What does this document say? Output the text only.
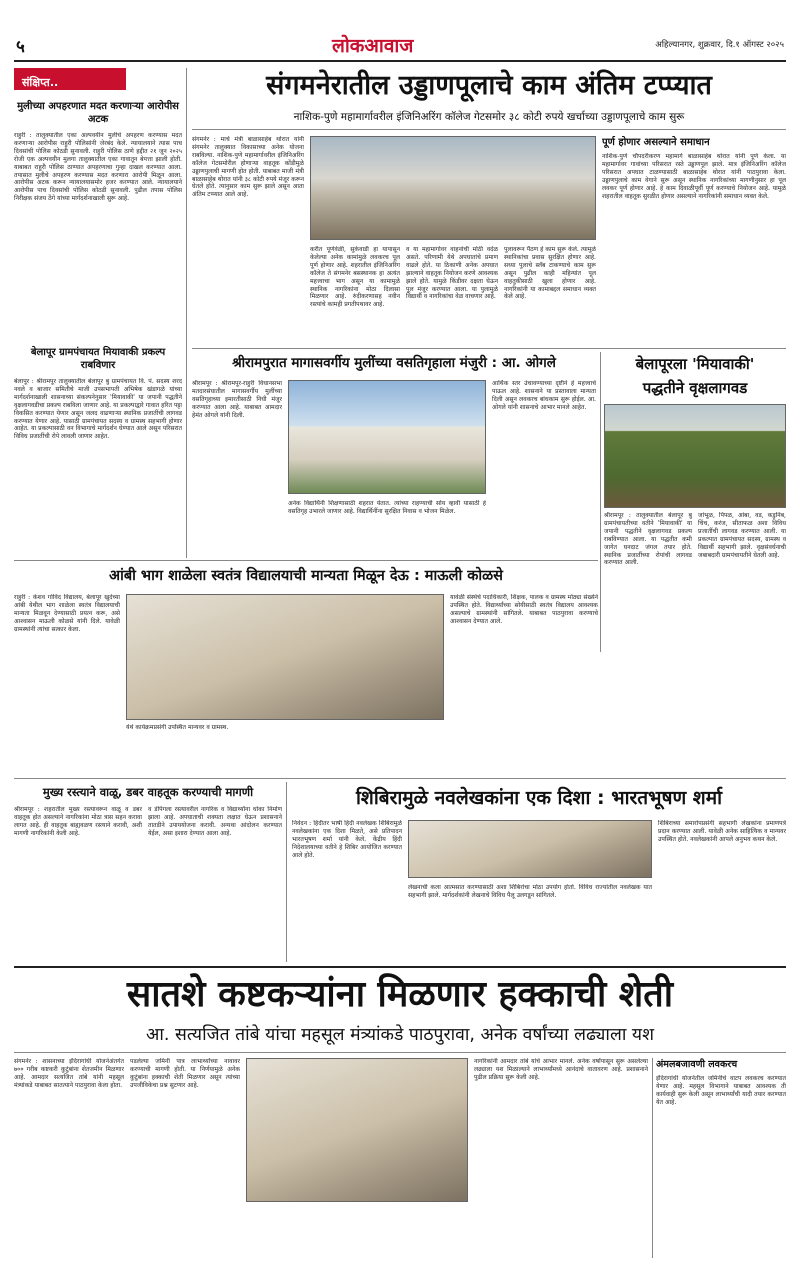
५	लोकआवाज	अहिल्यानगर, शुक्रवार, दि.१ ऑगस्ट २०२५
संक्षिप्त..
मुलीच्या अपहरणात मदत करणाऱ्या आरोपीस अटक
राहुरी : तालुक्यातील एका अल्पवयीन मुलीचे अपहरण करण्यास मदत करणाऱ्या आरोपीस राहुरी पोलिसांनी जेरबंद केले. न्यायालयाने त्यास पाच दिवसांची पोलिस कोठडी सुनावली. राहुरी पोलिस ठाणे हद्दीत २१ जून २०२५ रोजी एक अल्पवयीन मुलगा तालुक्यातील एका गावातून बेपत्ता झाली होती. याबाबत राहुरी पोलिस ठाण्यात अपहरणाचा गुन्हा दाखल करण्यात आला. तपासात मुलीचे अपहरण करण्यास मदत करणारा आरोपी मिळून आला. आरोपीस अटक करून न्यायालयासमोर हजर करण्यात आले. न्यायालयाने आरोपीस पाच दिवसांची पोलिस कोठडी सुनावली. पुढील तपास पोलिस निरीक्षक संजय ठेंगे यांच्या मार्गदर्शनाखाली सुरू आहे.
बेलापूर ग्रामपंचायत मियावाकी प्रकल्प राबविणार
बेलापूर : श्रीरामपूर तालुक्यातील बेलापूर बु ग्रामपंचायत वि. पं. सदस्य शरद नवले व बाजार समितीचे माजी उपसभापती अभिषेक खंडागळे यांच्या मार्गदर्शनाखाली शासनाच्या संकल्पनेनुसार 'मियावाकी' या जपानी पद्धतीने वृक्षलागवडीचा प्रकल्प राबविला जाणार आहे. या प्रकल्पाद्वारे गावात हरित पट्टा विकसित करण्यात येणार असून जलद वाढणाऱ्या स्थानिक प्रजातींची लागवड करण्यात येणार आहे. यासाठी ग्रामपंचायत सदस्य व ग्रामस्थ सहभागी होणार आहेत. या प्रकल्पासाठी वन विभागाचे मार्गदर्शन घेण्यात आले असून परिसरात विविध प्रजातींची रोपे लावली जाणार आहेत.
संगमनेरातील उड्डाणपूलाचे काम अंतिम टप्प्यात
नाशिक-पुणे महामार्गावरील इंजिनिअरिंग कॉलेज गेटसमोर ३८ कोटी रुपये खर्चाच्या उड्डाणपूलाचे काम सुरू
संगमनेर : मार्च मंत्री बाळासाहेब थोरात यांनी संगमनेर तालुक्यात विकासाच्या अनेक योजना राबविल्या. नाशिक-पुणे महामार्गावरील इंजिनिअरिंग कॉलेज गेटसमोरील होणाऱ्या वाहतूक कोंडीमुळे उड्डाणपुलाची मागणी होत होती. याबाबत माजी मंत्री बाळासाहेब थोरात यांनी ३८ कोटी रुपये मंजूर करून घेतले होते. त्यानुसार काम सुरू झाले असून आता अंतिम टप्प्यात आले आहे.
करीत पूर्णवेळी, सुकेवाडी हा यापासून केलेल्या अनेक कामांमुळे लवकरच पूल पूर्ण होणार आहे. शहरातील इंजिनिअरिंग कॉलेज ते संगमनेर बसस्थानक हा अत्यंत महत्त्वाचा भाग असून या कामामुळे स्थानिक नागरिकांना मोठा दिलासा मिळणार आहे. रुंदीकरणासह नवीन रस्त्यांचे कामही प्रगतीपथावर आहे.
व या महामार्गावर वाहनांची मोठी वर्दळ असते. परिणामी येथे अपघातांचे प्रमाण वाढले होते. या ठिकाणी अनेक अपघात झाल्याने वाहतूक नियोजन करणे आवश्यक झाले होते. यामुळे किंडीवर दक्षता घेऊन पूल मंजूर करण्यात आला. या पुलामुळे विद्यार्थी व नागरिकांचा वेळ वाचणार आहे.
पुलावरून पैंठण हे काम सुरू केले. त्यामुळे स्थानिकांचा प्रवास सुरक्षित होणार आहे. सध्या पुलाचे स्लॅब टाकण्याचे काम सुरू असून पुढील काही महिन्यांत पूल वाहतुकीसाठी खुला होणार आहे. नागरिकांनी या कामाबद्दल समाधान व्यक्त केले आहे.
पूर्ण होणार असल्याने समाधान
नाशिक-पुणे चौपदरीकरण महामार्ग बाळासाहेब थोरात यांनी पूर्ण केला. या महामार्गावर गावांच्या परिसरात रस्ते उड्डाणपूल झाले. मात्र इंजिनिअरिंग कॉलेज परिसरात अपघात टाळण्यासाठी बाळासाहेब थोरात यांनी पाठपुरावा केला. उड्डाणपुलाचे काम वेगाने सुरू असून स्थानिक नागरिकांच्या मागणीनुसार हा पूल लवकर पूर्ण होणार आहे. हे काम दिवाळीपूर्वी पूर्ण करण्याचे नियोजन आहे. यामुळे शहरातील वाहतूक सुरळीत होणार असल्याने नागरिकांनी समाधान व्यक्त केले.
श्रीरामपुरात मागासवर्गीय मुलींच्या वसतिगृहाला मंजुरी : आ. ओगले
श्रीरामपूर : श्रीरामपूर-राहुरी विधानसभा मतदारसंघातील मागासवर्गीय मुलींच्या वसतिगृहाच्या इमारतीसाठी निधी मंजूर करण्यात आला आहे. याबाबत आमदार हेमंत ओगले यांनी दिली.
अनेक विद्यार्थिनी शिक्षणासाठी शहरात येतात. त्यांच्या राहण्याची सोय व्हावी यासाठी हे वसतिगृह उभारले जाणार आहे. विद्यार्थिनींना सुरक्षित निवास व भोजन मिळेल.
आर्थिक स्तर उंचावण्याच्या दृष्टीने हे महत्त्वाचे पाऊल आहे. शासनाने या प्रस्तावाला मान्यता दिली असून लवकरच बांधकाम सुरू होईल. आ. ओगले यांनी शासनाचे आभार मानले आहेत.
बेलापूरला 'मियावाकी'
पद्धतीने वृक्षलागवड
श्रीरामपूर : तालुक्यातील बेलापूर बु ग्रामपंचायतीच्या वतीने 'मियावाकी' या जपानी पद्धतीने वृक्षलागवड प्रकल्प राबविण्यात आला. या पद्धतीत कमी जागेत घनदाट जंगल तयार होते. स्थानिक प्रजातींच्या रोपांची लागवड करण्यात आली.
जांभूळ, पिंपळ, आंबा, वड, कडुनिंब, चिंच, करंज, सीताफळ अशा विविध प्रजातींची लागवड करण्यात आली. या प्रकल्पात ग्रामपंचायत सदस्य, ग्रामस्थ व विद्यार्थी सहभागी झाले. वृक्षसंवर्धनाची जबाबदारी ग्रामपंचायतीने घेतली आहे.
आंबी भाग शाळेला स्वतंत्र विद्यालयाची मान्यता मिळून देऊ : माऊली कोळसे
राहुरी : केशव गोविंद विद्यालय, बेलापूर खुर्दच्या आंबी येथील भाग शाळेला स्वतंत्र विद्यालयाची मान्यता मिळवून देण्यासाठी प्रयत्न करू, असे आश्वासन माऊली कोळसे यांनी दिले. यावेळी ग्रामस्थांनी त्यांचा सत्कार केला.
येथे कार्यक्रमप्रसंगी उपस्थित मान्यवर व ग्रामस्थ.
यावेळी संस्थेचे पदाधिकारी, शिक्षक, पालक व ग्रामस्थ मोठ्या संख्येने उपस्थित होते. विद्यार्थ्यांच्या सोयीसाठी स्वतंत्र विद्यालय आवश्यक असल्याचे ग्रामस्थांनी सांगितले. याबाबत पाठपुरावा करण्याचे आश्वासन देण्यात आले.
मुख्य रस्त्याने वाळू, डबर वाहतूक करण्याची मागणी
श्रीरामपूर : शहरातील मुख्य रस्त्यावरून वाळू व डबर वाहतूक होत असल्याने नागरिकांना मोठा त्रास सहन करावा लागत आहे. ही वाहतूक बाह्यवळण रस्त्याने करावी, अशी मागणी नागरिकांनी केली आहे.
व डंपिंगला रस्त्यावरील नागरिक व विद्यार्थ्यांना धोका निर्माण झाला आहे. अपघाताची शक्यता लक्षात घेऊन प्रशासनाने तातडीने उपाययोजना करावी. अन्यथा आंदोलन करण्यात येईल, असा इशारा देण्यात आला आहे.
शिबिरामुळे नवलेखकांना एक दिशा : भारतभूषण शर्मा
निवेदन : हिंदीतर भाषी हिंदी नवलेखक शिबिरामुळे नवलेखकांना एक दिशा मिळते, असे प्रतिपादन भारतभूषण शर्मा यांनी केले. केंद्रीय हिंदी निदेशालयाच्या वतीने हे शिबिर आयोजित करण्यात आले होते.
लेखनाची कला आत्मसात करण्यासाठी अशा शिबिरांचा मोठा उपयोग होतो. विविध राज्यांतील नवलेखक यात सहभागी झाले. मार्गदर्शकांनी लेखनाचे विविध पैलू उलगडून सांगितले.
शिबिराच्या समारोपप्रसंगी सहभागी लेखकांना प्रमाणपत्रे प्रदान करण्यात आली. यावेळी अनेक साहित्यिक व मान्यवर उपस्थित होते. नवलेखकांनी आपले अनुभव कथन केले.
सातशे कष्टकऱ्यांना मिळणार हक्काची शेती
आ. सत्यजित तांबे यांचा महसूल मंत्र्यांकडे पाठपुरावा, अनेक वर्षांच्या लढ्याला यश
संगमनेर : शासनाच्या इंदिरागांधी योजनेअंतर्गत ७०० गरीब कष्टकरी कुटुंबांना शेतजमीन मिळणार आहे. आमदार सत्यजित तांबे यांनी महसूल मंत्र्यांकडे याबाबत सातत्याने पाठपुरावा केला होता.
पडलेल्या जमिनी पात्र लाभार्थ्यांच्या नावावर करण्याची मागणी होती. या निर्णयामुळे अनेक कुटुंबांना हक्काची शेती मिळणार असून त्यांच्या उपजीविकेचा प्रश्न सुटणार आहे.
नागरिकांनी आमदार तांबे यांचे आभार मानले. अनेक वर्षांपासून सुरू असलेल्या लढ्याला यश मिळाल्याने लाभार्थ्यांमध्ये आनंदाचे वातावरण आहे. प्रशासनाने पुढील प्रक्रिया सुरू केली आहे.
अंमलबजावणी लवकरच
इंदिरागांधी योजनेतील जमिनींचे वाटप लवकरच करण्यात येणार आहे. महसूल विभागाने याबाबत आवश्यक ती कार्यवाही सुरू केली असून लाभार्थ्यांची यादी तयार करण्यात येत आहे.
